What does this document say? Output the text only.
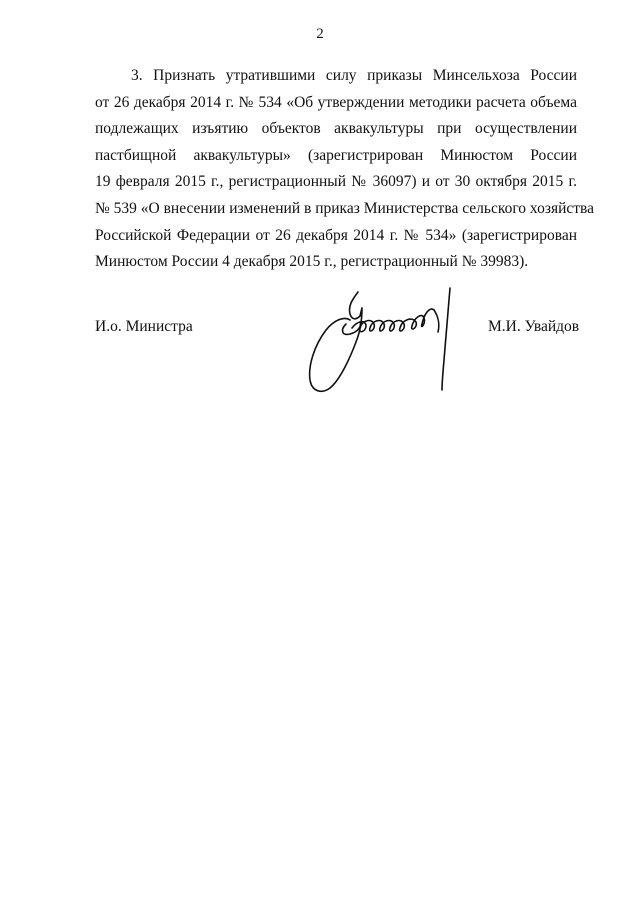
2
3. Признать утратившими силу приказы Минсельхоза России
от 26 декабря 2014 г. № 534 «Об утверждении методики расчета объема
подлежащих изъятию объектов аквакультуры при осуществлении
пастбищной аквакультуры» (зарегистрирован Минюстом России
19 февраля 2015 г., регистрационный № 36097) и от 30 октября 2015 г.
№ 539 «О внесении изменений в приказ Министерства сельского хозяйства
Российской Федерации от 26 декабря 2014 г. № 534» (зарегистрирован
Минюстом России 4 декабря 2015 г., регистрационный № 39983).
И.о. Министра	М.И. Увайдов
